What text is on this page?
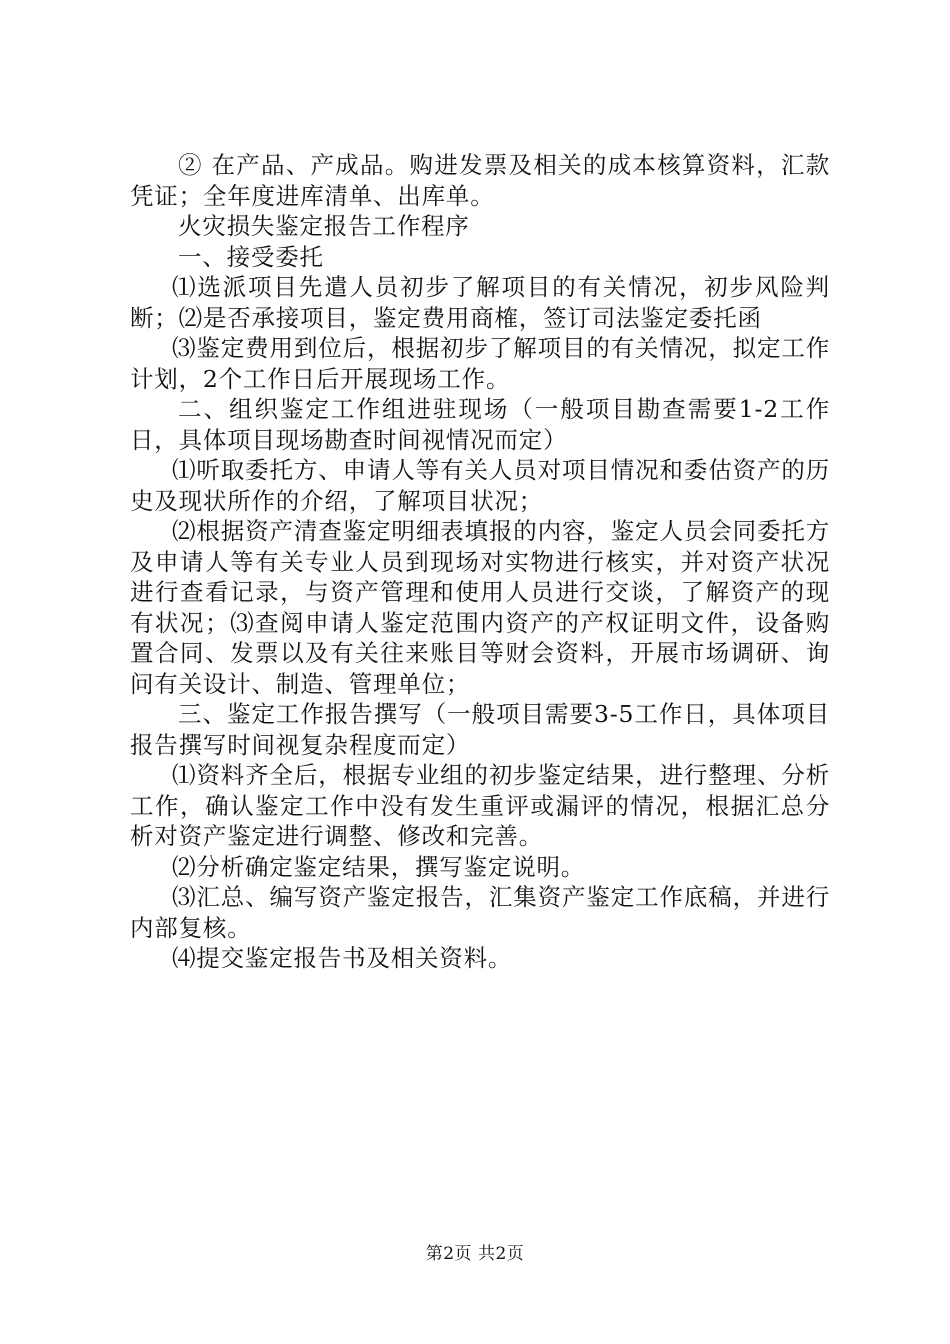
② 在产品、产成品。购进发票及相关的成本核算资料，汇款凭证；全年度进库清单、出库单。

火灾损失鉴定报告工作程序

一、接受委托

⑴选派项目先遣人员初步了解项目的有关情况，初步风险判断；⑵是否承接项目，鉴定费用商榷，签订司法鉴定委托函

⑶鉴定费用到位后，根据初步了解项目的有关情况，拟定工作计划，2个工作日后开展现场工作。

二、组织鉴定工作组进驻现场（一般项目勘查需要1-2工作日，具体项目现场勘查时间视情况而定）

⑴听取委托方、申请人等有关人员对项目情况和委估资产的历史及现状所作的介绍，了解项目状况；

⑵根据资产清查鉴定明细表填报的内容，鉴定人员会同委托方及申请人等有关专业人员到现场对实物进行核实，并对资产状况进行查看记录，与资产管理和使用人员进行交谈，了解资产的现有状况；⑶查阅申请人鉴定范围内资产的产权证明文件，设备购置合同、发票以及有关往来账目等财会资料，开展市场调研、询问有关设计、制造、管理单位；

三、鉴定工作报告撰写（一般项目需要3-5工作日，具体项目报告撰写时间视复杂程度而定）

⑴资料齐全后，根据专业组的初步鉴定结果，进行整理、分析工作，确认鉴定工作中没有发生重评或漏评的情况，根据汇总分析对资产鉴定进行调整、修改和完善。

⑵分析确定鉴定结果，撰写鉴定说明。

⑶汇总、编写资产鉴定报告，汇集资产鉴定工作底稿，并进行内部复核。

⑷提交鉴定报告书及相关资料。

第2页 共2页
